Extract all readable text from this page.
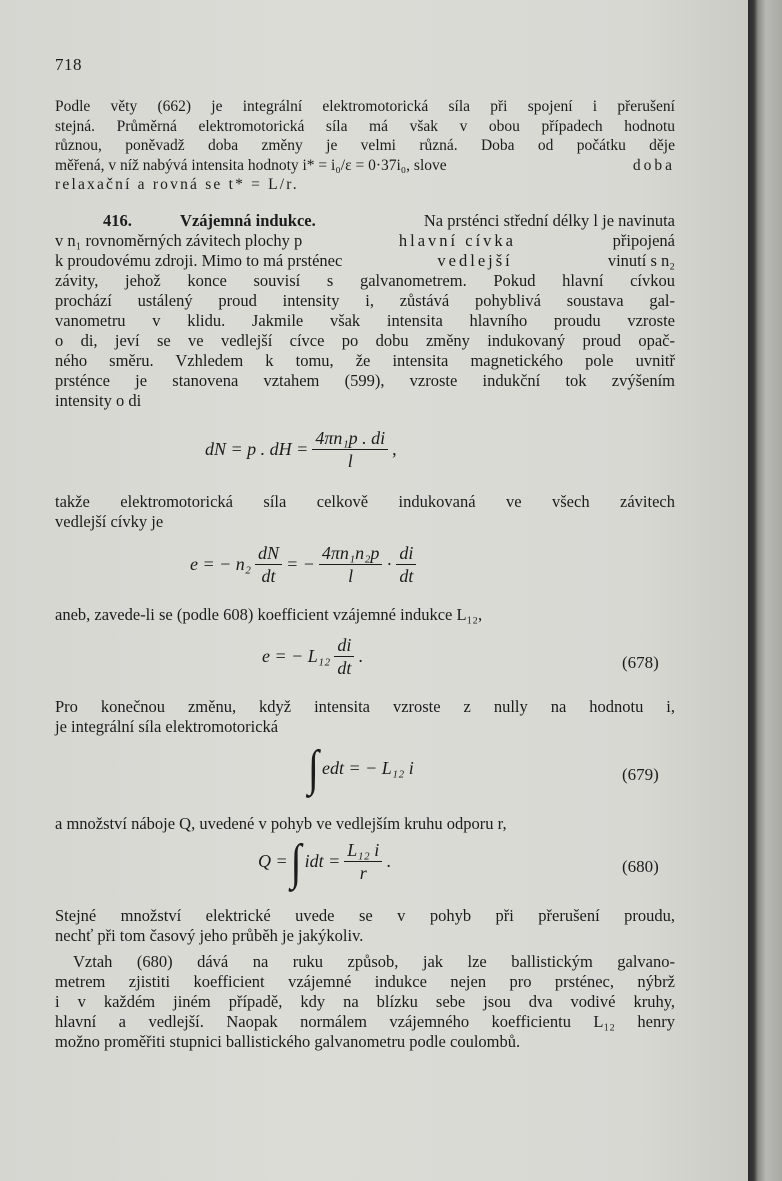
718
Podle věty (662) je integrální elektromotorická síla při spojení i přerušení
stejná. Průměrná elektromotorická síla má však v obou případech hodnotu
různou, poněvadž doba změny je velmi různá. Doba od počátku děje
měřená, v níž nabývá intensita hodnoty i* = i₀/ε = 0·37i₀, slove	doba
relaxační a rovná se t* = L/r.
416.	Vzájemná indukce.	Na prsténci střední délky l je navinuta
v n₁ rovnoměrných závitech plochy p	hlavní cívka	připojená
k proudovému zdroji. Mimo to má prsténec	vedlejší	vinutí s n₂
závity, jehož konce souvisí s galvanometrem. Pokud hlavní cívkou
prochází ustálený proud intensity i, zůstává pohyblivá soustava gal-
vanometru v klidu. Jakmile však intensita hlavního proudu vzroste
o di, jeví se ve vedlejší cívce po dobu změny indukovaný proud opač-
ného směru. Vzhledem k tomu, že intensita magnetického pole uvnitř
prsténce je stanovena vztahem (599), vzroste indukční tok zvýšením
intensity o di
dN = p . dH = $\frac{\text{4πn₁p . di}}{l}$ ,
takže elektromotorická síla celkově indukovaná ve všech závitech
vedlejší cívky je
e = − $n_2 \frac{dN}{dt}$ = − $\frac{\text{4πn₁n₂p}}{l} \cdot \frac{di}{dt}$
aneb, zavede-li se (podle 608) koefficient vzájemné indukce L₁₂,
e = − $L_{12} \frac{di}{dt}$ .	(678)
Pro konečnou změnu, když intensita vzroste z nully na hodnotu i,
je integrální síla elektromotorická
∫ edt = − L₁₂ i	(679)
a množství náboje Q, uvedené v pohyb ve vedlejším kruhu odporu r,
Q = ∫ idt = $\frac{\text{L₁₂ i}}{r}$ .	(680)
Stejné množství elektrické uvede se v pohyb při přerušení proudu,
nechť při tom časový jeho průběh je jakýkoliv.
Vztah (680) dává na ruku způsob, jak lze ballistickým galvano-
metrem zjistiti koefficient vzájemné indukce nejen pro prsténec, nýbrž
i v každém jiném případě, kdy na blízku sebe jsou dva vodivé kruhy,
hlavní a vedlejší. Naopak normálem vzájemného koefficientu L₁₂ henry
možno proměřiti stupnici ballistického galvanometru podle coulombů.
